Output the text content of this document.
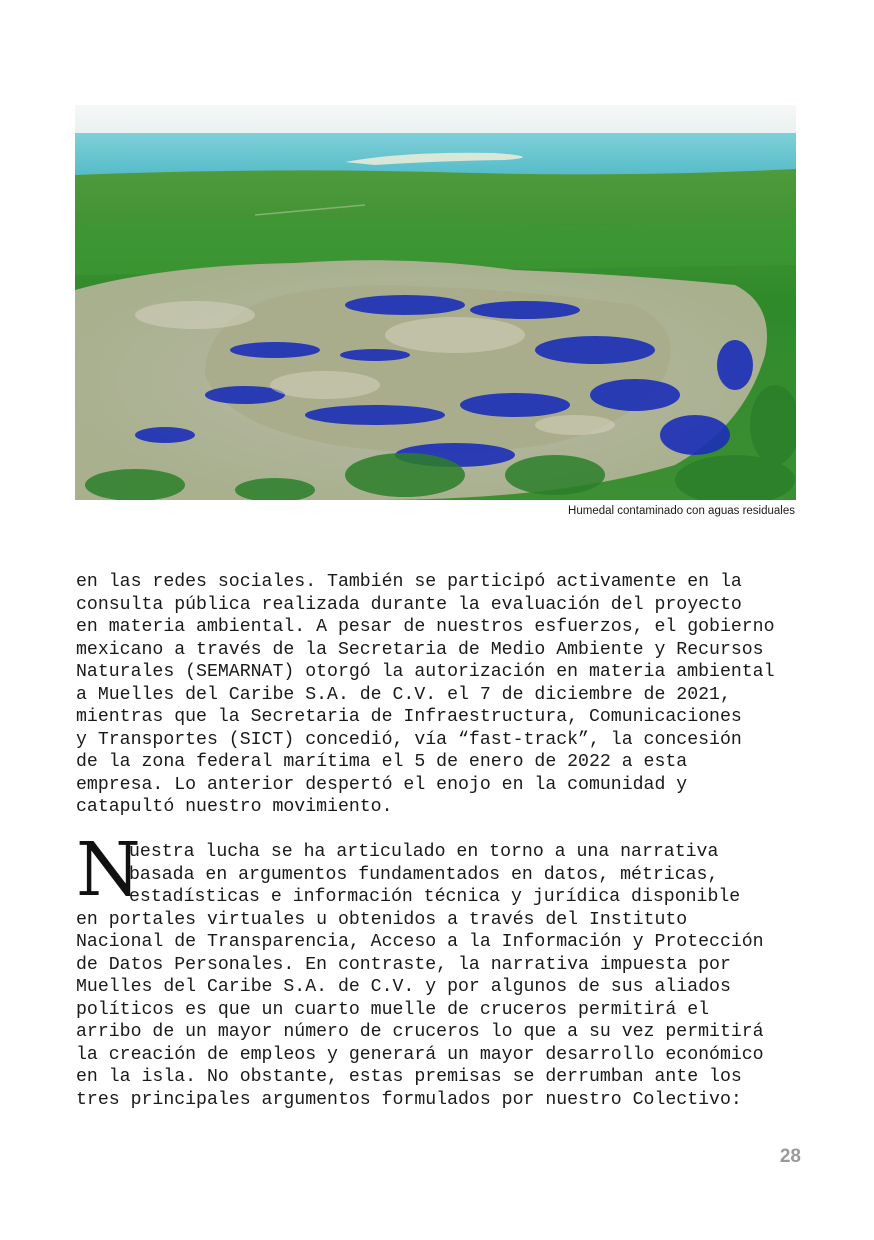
Humedal contaminado con aguas residuales
en las redes sociales. También se participó activamente en la
consulta pública realizada durante la evaluación del proyecto
en materia ambiental. A pesar de nuestros esfuerzos, el gobierno
mexicano a través de la Secretaria de Medio Ambiente y Recursos
Naturales (SEMARNAT) otorgó la autorización en materia ambiental
a Muelles del Caribe S.A. de C.V. el 7 de diciembre de 2021,
mientras que la Secretaria de Infraestructura, Comunicaciones
y Transportes (SICT) concedió, vía “fast-track”, la concesión
de la zona federal marítima el 5 de enero de 2022 a esta
empresa. Lo anterior despertó el enojo en la comunidad y
catapultó nuestro movimiento.
N
uestra lucha se ha articulado en torno a una narrativa
basada en argumentos fundamentados en datos, métricas,
estadísticas e información técnica y jurídica disponible
en portales virtuales u obtenidos a través del Instituto
Nacional de Transparencia, Acceso a la Información y Protección
de Datos Personales. En contraste, la narrativa impuesta por
Muelles del Caribe S.A. de C.V. y por algunos de sus aliados
políticos es que un cuarto muelle de cruceros permitirá el
arribo de un mayor número de cruceros lo que a su vez permitirá
la creación de empleos y generará un mayor desarrollo económico
en la isla. No obstante, estas premisas se derrumban ante los
tres principales argumentos formulados por nuestro Colectivo:
28
